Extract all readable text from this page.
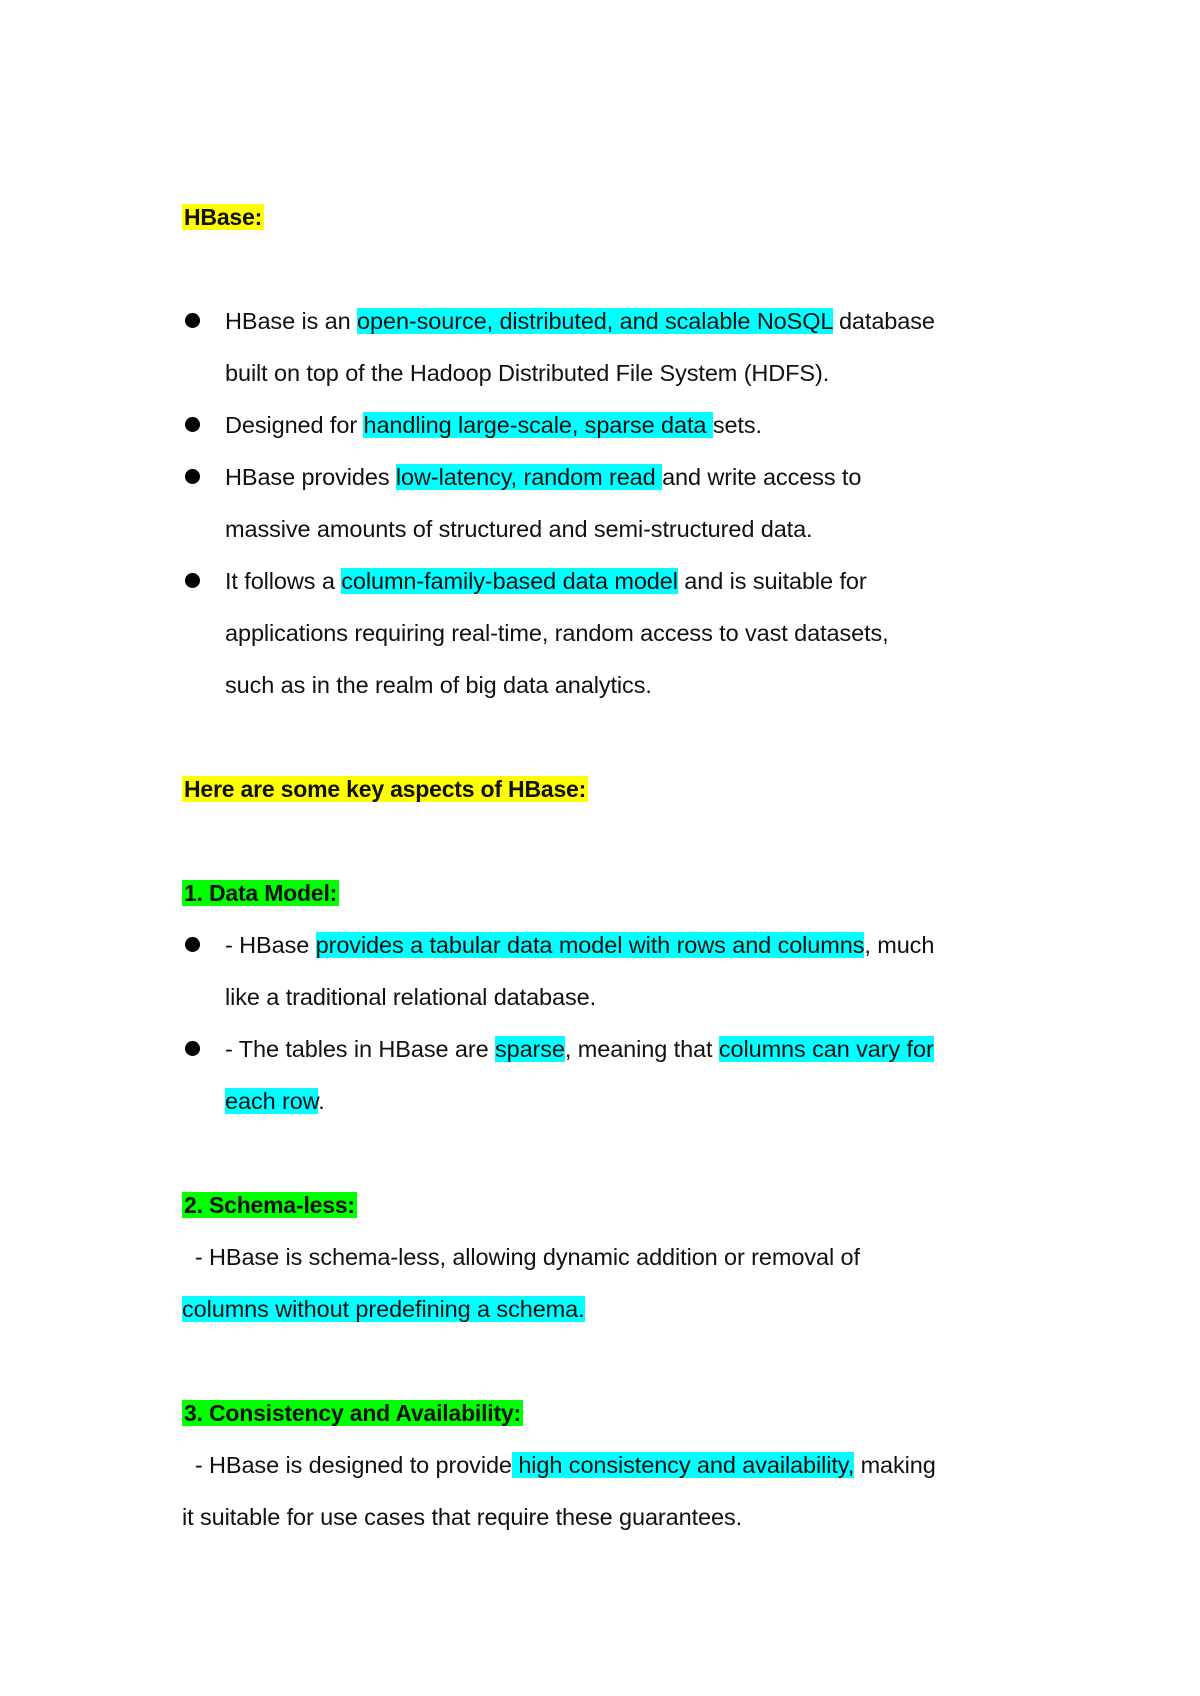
HBase:
HBase is an open-source, distributed, and scalable NoSQL database
built on top of the Hadoop Distributed File System (HDFS).
Designed for handling large-scale, sparse data sets.
HBase provides low-latency, random read and write access to
massive amounts of structured and semi-structured data.
It follows a column-family-based data model and is suitable for
applications requiring real-time, random access to vast datasets,
such as in the realm of big data analytics.
Here are some key aspects of HBase:
1. Data Model:
- HBase provides a tabular data model with rows and columns, much
like a traditional relational database.
- The tables in HBase are sparse, meaning that columns can vary for
each row.
2. Schema-less:
- HBase is schema-less, allowing dynamic addition or removal of
columns without predefining a schema.
3. Consistency and Availability:
- HBase is designed to provide high consistency and availability, making
it suitable for use cases that require these guarantees.
